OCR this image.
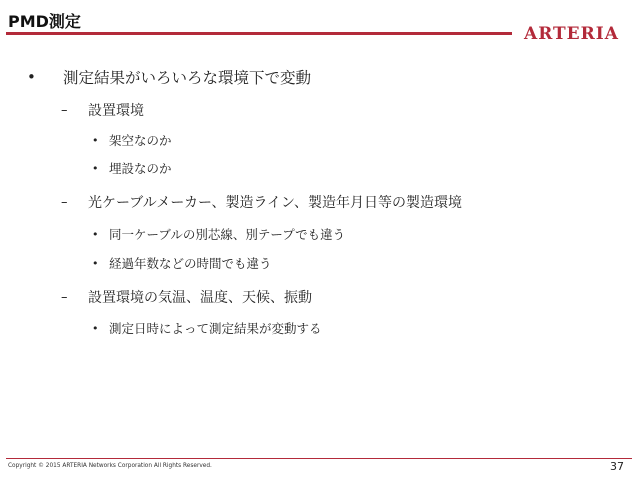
PMD測定
ARTERIA
•	測定結果がいろいろな環境下で変動
–	設置環境
• 架空なのか
• 埋設なのか
–	光ケーブルメーカー、製造ライン、製造年月日等の製造環境
• 同一ケーブルの別芯線、別テープでも違う
• 経過年数などの時間でも違う
–	設置環境の気温、温度、天候、振動
• 測定日時によって測定結果が変動する
Copyright © 2015 ARTERIA Networks Corporation All Rights Reserved.	37
